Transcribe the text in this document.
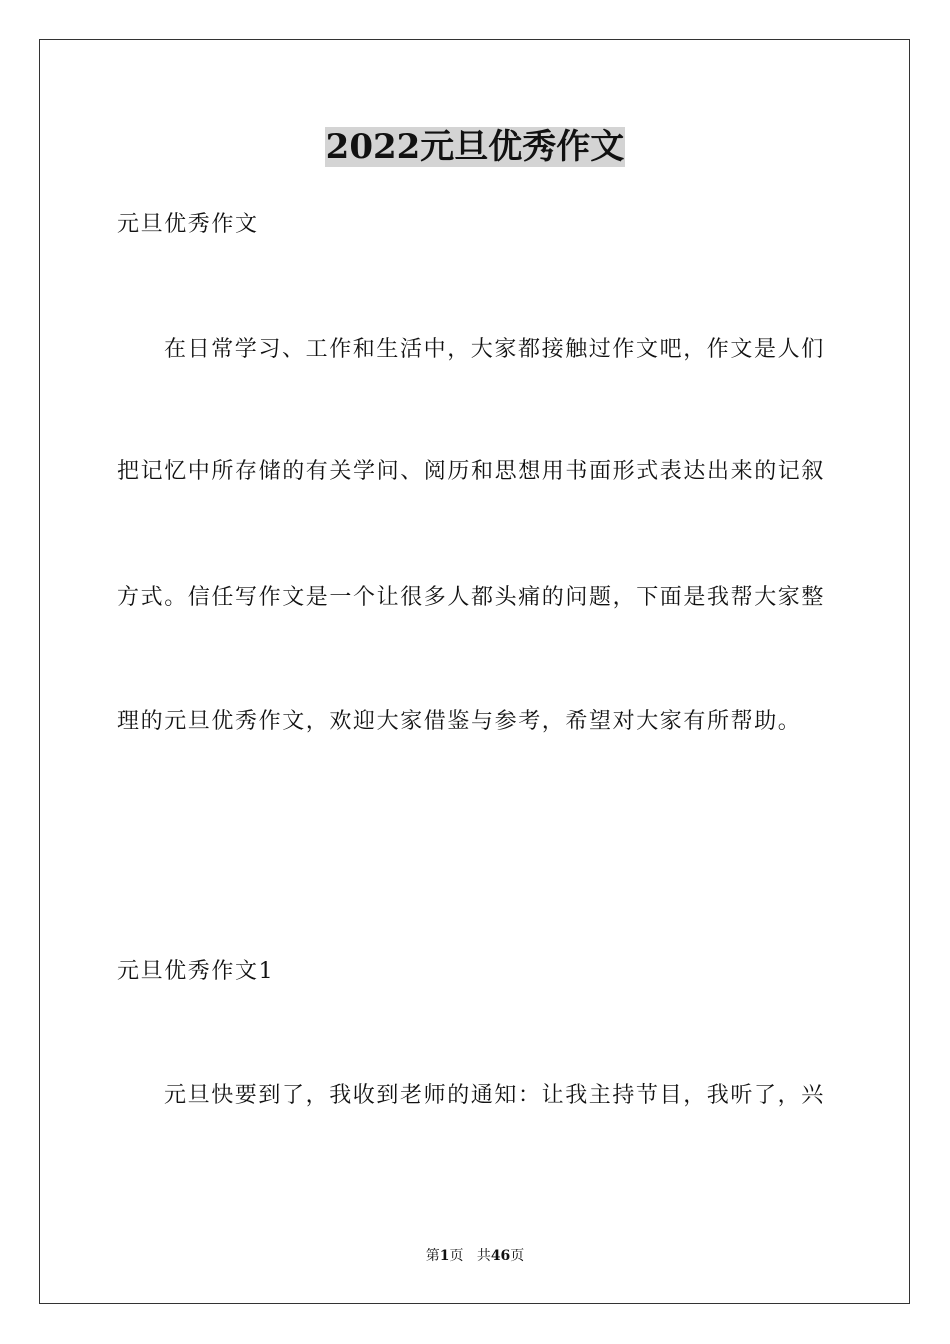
2022元旦优秀作文
元旦优秀作文
在日常学习、工作和生活中，大家都接触过作文吧，作文是人们
把记忆中所存储的有关学问、阅历和思想用书面形式表达出来的记叙
方式。信任写作文是一个让很多人都头痛的问题，下面是我帮大家整
理的元旦优秀作文，欢迎大家借鉴与参考，希望对大家有所帮助。
元旦优秀作文1
元旦快要到了，我收到老师的通知：让我主持节目，我听了，兴
第1页 共46页
